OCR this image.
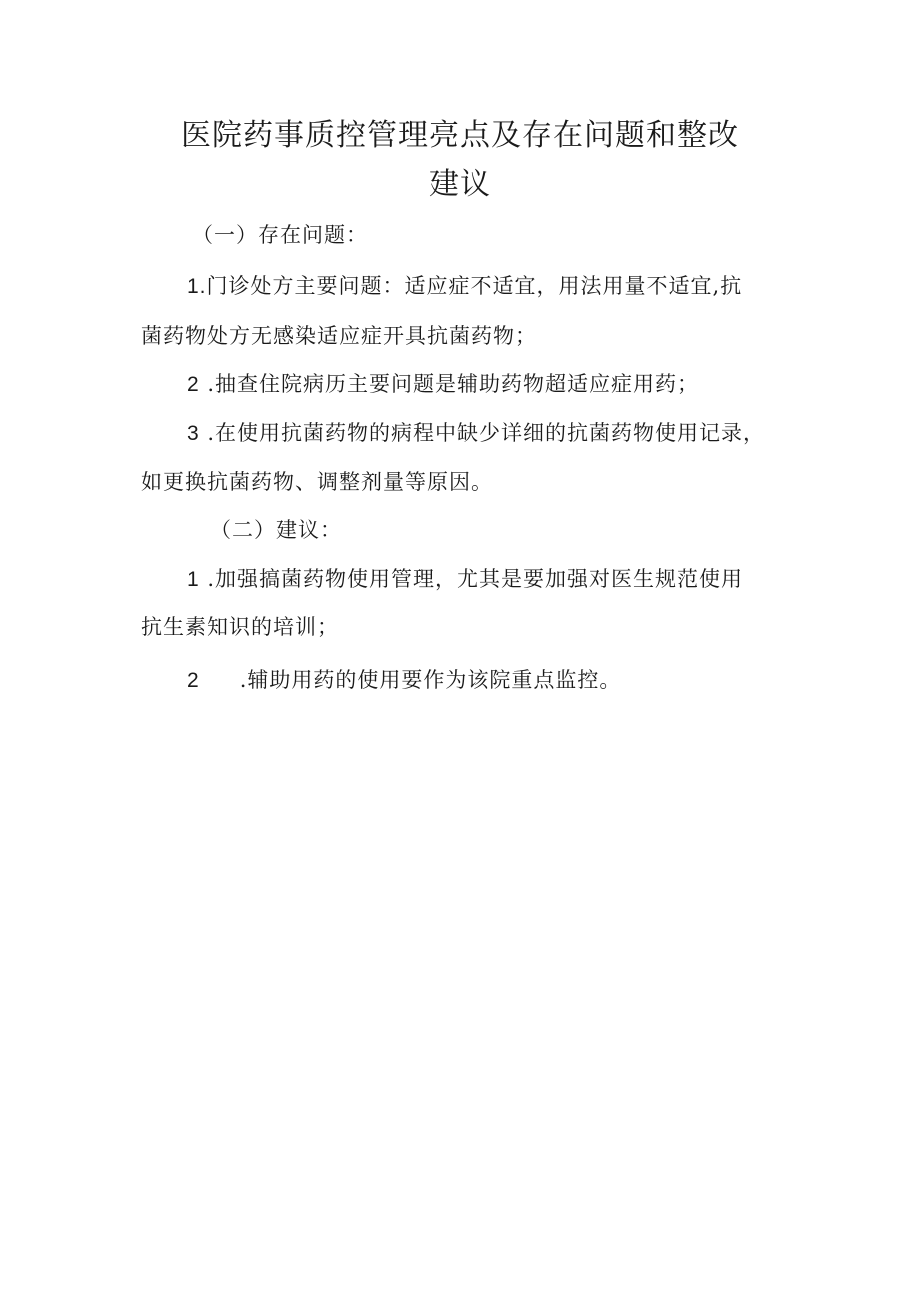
医院药事质控管理亮点及存在问题和整改
建议

（一）存在问题：

1.门诊处方主要问题：适应症不适宜，用法用量不适宜,抗

菌药物处方无感染适应症开具抗菌药物；

2 .抽查住院病历主要问题是辅助药物超适应症用药；

3 .在使用抗菌药物的病程中缺少详细的抗菌药物使用记录，

如更换抗菌药物、调整剂量等原因。

（二）建议：

1 .加强搞菌药物使用管理，尤其是要加强对医生规范使用

抗生素知识的培训；

2 .辅助用药的使用要作为该院重点监控。
